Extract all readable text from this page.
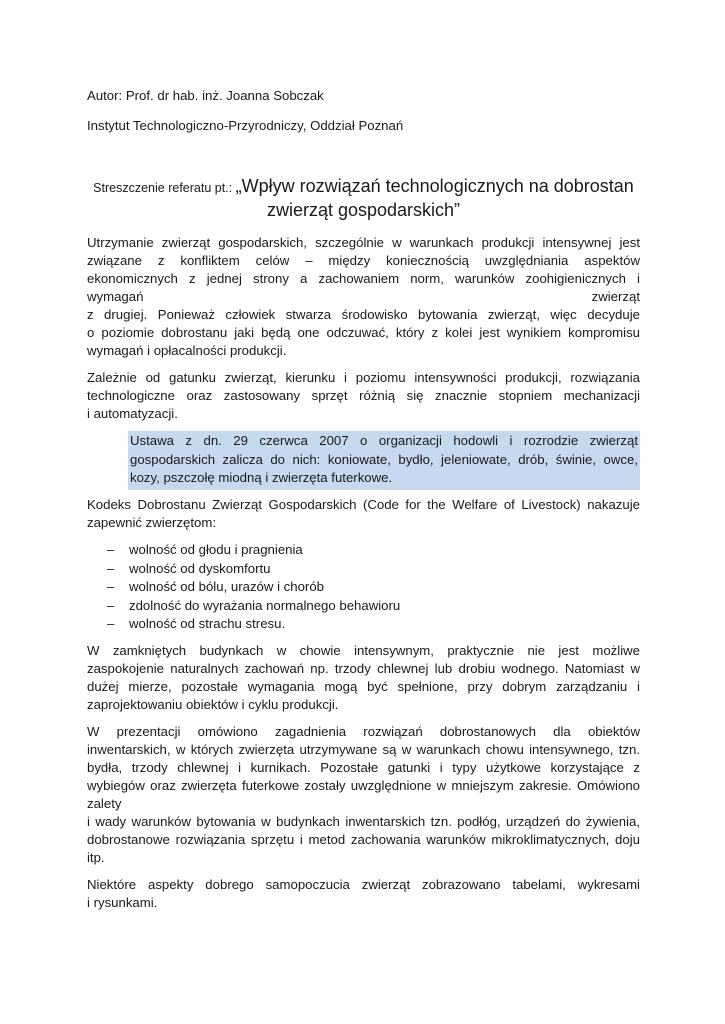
Autor: Prof. dr hab. inż. Joanna Sobczak

Instytut Technologiczno-Przyrodniczy, Oddział Poznań

Streszczenie referatu pt.: „Wpływ rozwiązań technologicznych na dobrostan
zwierząt gospodarskich”
Utrzymanie zwierząt gospodarskich, szczególnie w warunkach produkcji intensywnej jest
związane z konfliktem celów – między koniecznością uwzględniania aspektów
ekonomicznych z jednej strony a zachowaniem norm, warunków zoohigienicznych i
wymagań	zwierząt
z drugiej. Ponieważ człowiek stwarza środowisko bytowania zwierząt, więc decyduje
o poziomie dobrostanu jaki będą one odczuwać, który z kolei jest wynikiem kompromisu
wymagań i opłacalności produkcji.
Zależnie od gatunku zwierząt, kierunku i poziomu intensywności produkcji, rozwiązania
technologiczne oraz zastosowany sprzęt różnią się znacznie stopniem mechanizacji
i automatyzacji.

Ustawa z dn. 29 czerwca 2007 o organizacji hodowli i rozrodzie zwierząt

gospodarskich zalicza do nich: koniowate, bydło, jeleniowate, drób, świnie, owce,

kozy, pszczołę miodną i zwierzęta futerkowe.

Kodeks Dobrostanu Zwierząt Gospodarskich (Code for the Welfare of Livestock) nakazuje
zapewnić zwierzętom:
– wolność od głodu i pragnienia
– wolność od dyskomfortu
– wolność od bólu, urazów i chorób
– zdolność do wyrażania normalnego behawioru
– wolność od strachu stresu.
W zamkniętych budynkach w chowie intensywnym, praktycznie nie jest możliwe
zaspokojenie naturalnych zachowań np. trzody chlewnej lub drobiu wodnego. Natomiast w
dużej mierze, pozostałe wymagania mogą być spełnione, przy dobrym zarządzaniu i
zaprojektowaniu obiektów i cyklu produkcji.
W prezentacji omówiono zagadnienia rozwiązań dobrostanowych dla obiektów
inwentarskich, w których zwierzęta utrzymywane są w warunkach chowu intensywnego, tzn.
bydła, trzody chlewnej i kurnikach. Pozostałe gatunki i typy użytkowe korzystające z
wybiegów oraz zwierzęta futerkowe zostały uwzględnione w mniejszym zakresie. Omówiono
zalety
i wady warunków bytowania w budynkach inwentarskich tzn. podłóg, urządzeń do żywienia,
dobrostanowe rozwiązania sprzętu i metod zachowania warunków mikroklimatycznych, doju
itp.
Niektóre aspekty dobrego samopoczucia zwierząt zobrazowano tabelami, wykresami
i rysunkami.
